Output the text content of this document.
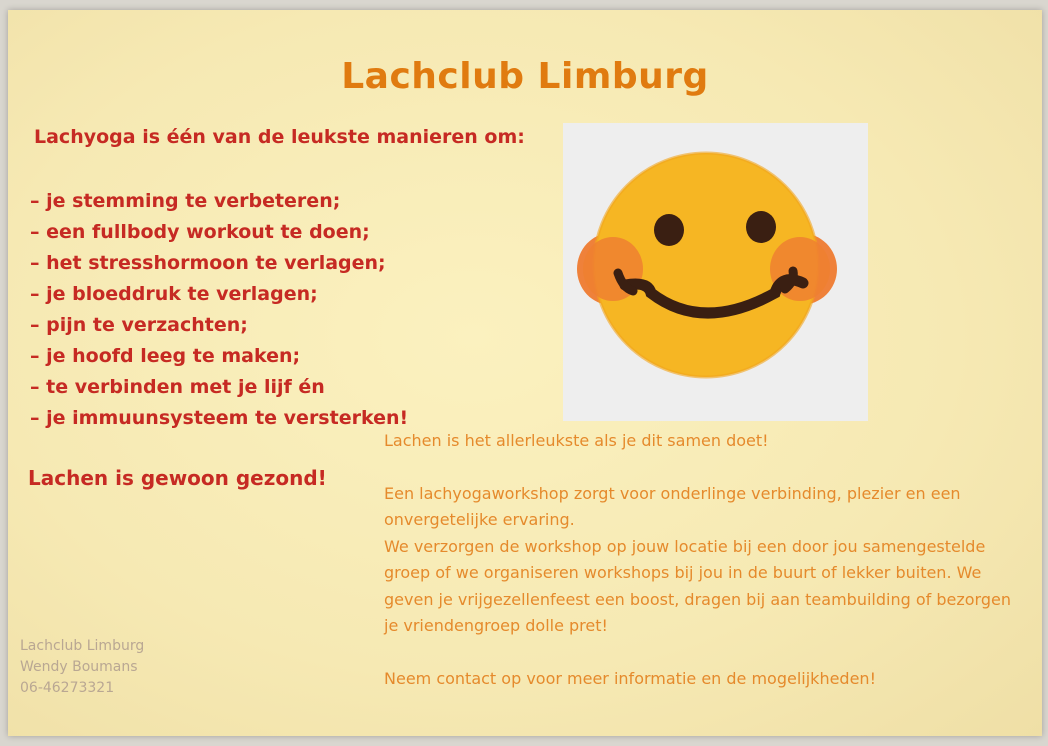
Lachclub Limburg
Lachyoga is één van de leukste manieren om:
– je stemming te verbeteren;
– een fullbody workout te doen;
– het stresshormoon te verlagen;
– je bloeddruk te verlagen;
– pijn te verzachten;
– je hoofd leeg te maken;
– te verbinden met je lijf én
– je immuunsysteem te versterken!
Lachen is gewoon gezond!

Lachen is het allerleukste als je dit samen doet!

Een lachyogaworkshop zorgt voor onderlinge verbinding, plezier en een onvergetelijke ervaring.

We verzorgen de workshop op jouw locatie bij een door jou samengestelde groep of we organiseren workshops bij jou in de buurt of lekker buiten. We geven je vrijgezellenfeest een boost, dragen bij aan teambuilding of bezorgen je vriendengroep dolle pret!

Neem contact op voor meer informatie en de mogelijkheden!

Lachclub Limburg
Wendy Boumans
06-46273321
